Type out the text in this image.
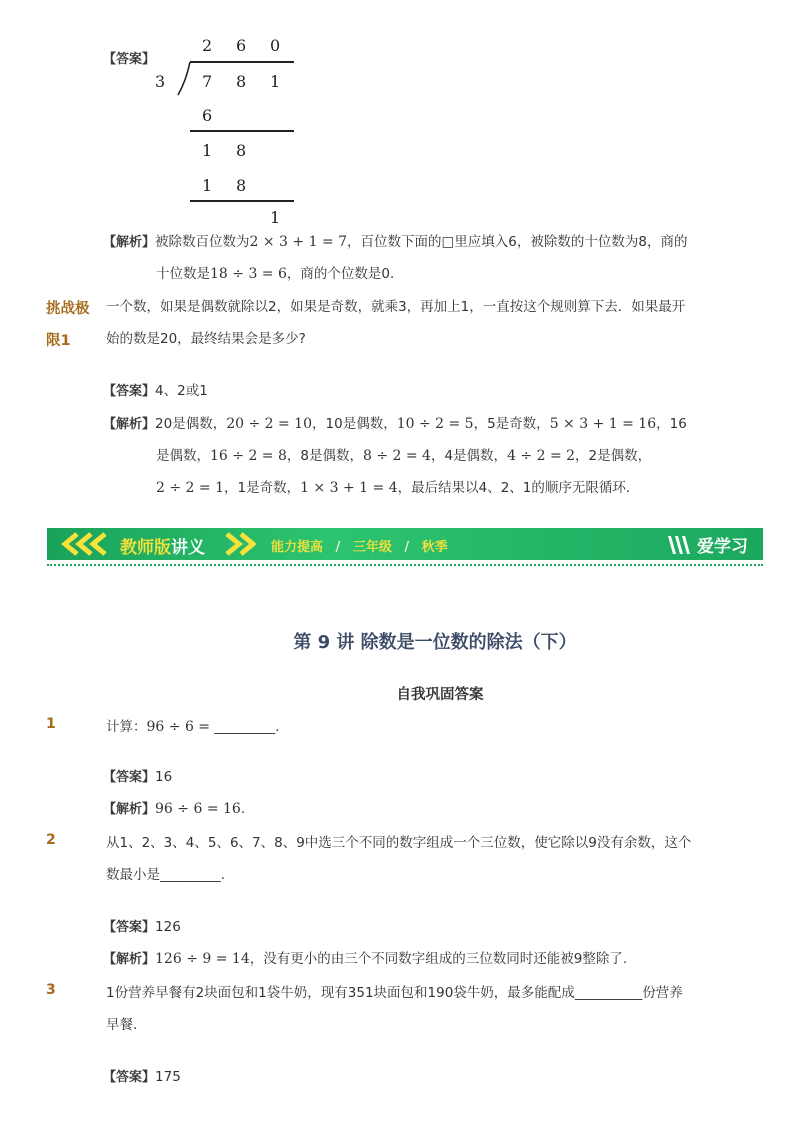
【答案】
2 6 0
3 7 8 1
6
1 8
1 8
1
【解析】被除数百位数为2 × 3 + 1 = 7，百位数下面的□里应填入6，被除数的十位数为8，商的
十位数是18 ÷ 3 = 6，商的个位数是0．
挑战极
限1
一个数，如果是偶数就除以2，如果是奇数，就乘3，再加上1，一直按这个规则算下去．如果最开
始的数是20，最终结果会是多少?
【答案】4、2或1
【解析】20是偶数，20 ÷ 2 = 10，10是偶数，10 ÷ 2 = 5，5是奇数，5 × 3 + 1 = 16，16
是偶数，16 ÷ 2 = 8，8是偶数，8 ÷ 2 = 4，4是偶数，4 ÷ 2 = 2，2是偶数，
2 ÷ 2 = 1，1是奇数，1 × 3 + 1 = 4，最后结果以4、2、1的顺序无限循环．
教师版讲义	能力提高 / 三年级 / 秋季	爱学习
第 9 讲 除数是一位数的除法（下）
自我巩固答案
1	计算：96 ÷ 6 = _________.
【答案】16
【解析】96 ÷ 6 = 16.
2	从1、2、3、4、5、6、7、8、9中选三个不同的数字组成一个三位数，使它除以9没有余数，这个
数最小是_________.
【答案】126
【解析】126 ÷ 9 = 14，没有更小的由三个不同数字组成的三位数同时还能被9整除了.
3	1份营养早餐有2块面包和1袋牛奶，现有351块面包和190袋牛奶，最多能配成__________份营养
早餐.
【答案】175
